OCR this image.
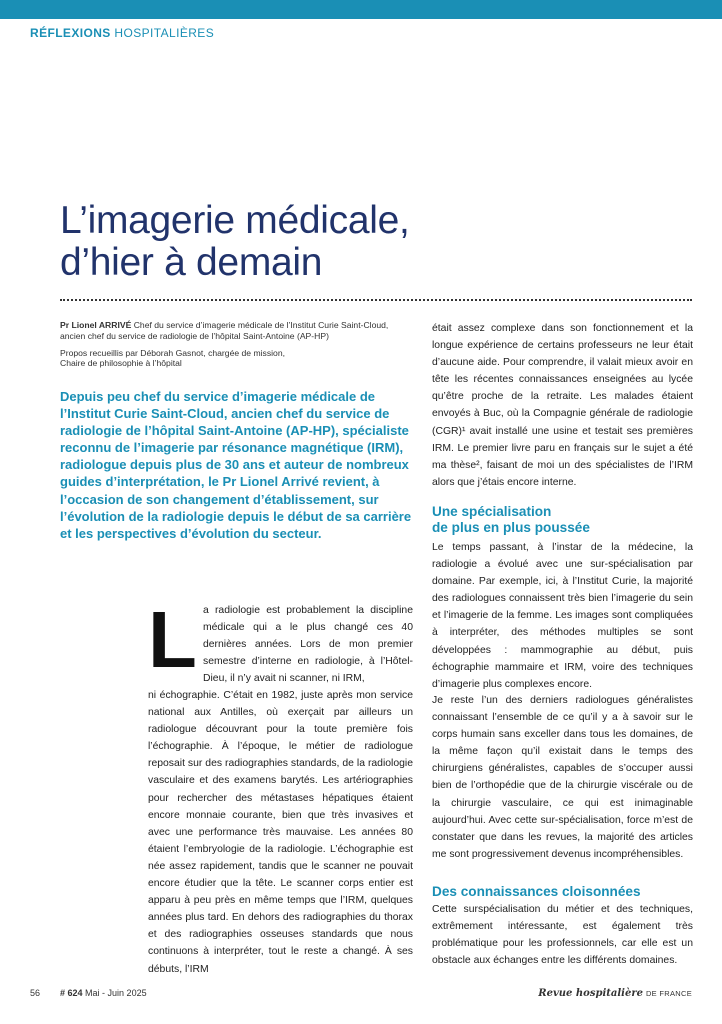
RÉFLEXIONS HOSPITALIÈRES
L’imagerie médicale,
d’hier à demain

Pr Lionel ARRIVÉ Chef du service d’imagerie médicale de l’Institut Curie Saint-Cloud, ancien chef du service de radiologie de l’hôpital Saint-Antoine (AP-HP)

Propos recueillis par Déborah Gasnot, chargée de mission,
Chaire de philosophie à l’hôpital

Depuis peu chef du service d’imagerie médicale de l’Institut Curie Saint-Cloud, ancien chef du service de radiologie de l’hôpital Saint-Antoine (AP-HP), spécialiste reconnu de l’imagerie par résonance magnétique (IRM), radiologue depuis plus de 30 ans et auteur de nombreux guides d’interprétation, le Pr Lionel Arrivé revient, à l’occasion de son changement d’établissement, sur l’évolution de la radiologie depuis le début de sa carrière et les perspectives d’évolution du secteur.

L a radiologie est probablement la discipline médicale qui a le plus changé ces 40 dernières années. Lors de mon premier semestre d’interne en radiologie, à l’Hôtel-Dieu, il n’y avait ni scanner, ni IRM,

ni échographie. C’était en 1982, juste après mon service national aux Antilles, où exerçait par ailleurs un radiologue découvrant pour la toute première fois l’échographie. À l’époque, le métier de radiologue reposait sur des radiographies standards, de la radiologie vasculaire et des examens barytés. Les artériographies pour rechercher des métastases hépatiques étaient encore monnaie courante, bien que très invasives et avec une performance très mauvaise. Les années 80 étaient l’embryologie de la radiologie. L’échographie est née assez rapidement, tandis que le scanner ne pouvait encore étudier que la tête. Le scanner corps entier est apparu à peu près en même temps que l’IRM, quelques années plus tard. En dehors des radiographies du thorax et des radiographies osseuses standards que nous continuons à interpréter, tout le reste a changé. À ses débuts, l’IRM

était assez complexe dans son fonctionnement et la longue expérience de certains professeurs ne leur était d’aucune aide. Pour comprendre, il valait mieux avoir en tête les récentes connaissances enseignées au lycée qu’être proche de la retraite. Les malades étaient envoyés à Buc, où la Compagnie générale de radiologie (CGR)¹ avait installé une usine et testait ses premières IRM. Le premier livre paru en français sur le sujet a été ma thèse², faisant de moi un des spécialistes de l’IRM alors que j’étais encore interne.

Une spécialisation
de plus en plus poussée

Le temps passant, à l’instar de la médecine, la radiologie a évolué avec une sur-spécialisation par domaine. Par exemple, ici, à l’Institut Curie, la majorité des radiologues connaissent très bien l’imagerie du sein et l’imagerie de la femme. Les images sont compliquées à interpréter, des méthodes multiples se sont développées : mammographie au début, puis échographie mammaire et IRM, voire des techniques d’imagerie plus complexes encore.

Je reste l’un des derniers radiologues généralistes connaissant l’ensemble de ce qu’il y a à savoir sur le corps humain sans exceller dans tous les domaines, de la même façon qu’il existait dans le temps des chirurgiens généralistes, capables de s’occuper aussi bien de l’orthopédie que de la chirurgie viscérale ou de la chirurgie vasculaire, ce qui est inimaginable aujourd’hui. Avec cette sur-spécialisation, force m’est de constater que dans les revues, la majorité des articles me sont progressivement devenus incompréhensibles.

Des connaissances cloisonnées

Cette surspécialisation du métier et des techniques, extrêmement intéressante, est également très problématique pour les professionnels, car elle est un obstacle aux échanges entre les différents domaines.

56 # 624 Mai - Juin 2025	Revue hospitalière DE FRANCE
